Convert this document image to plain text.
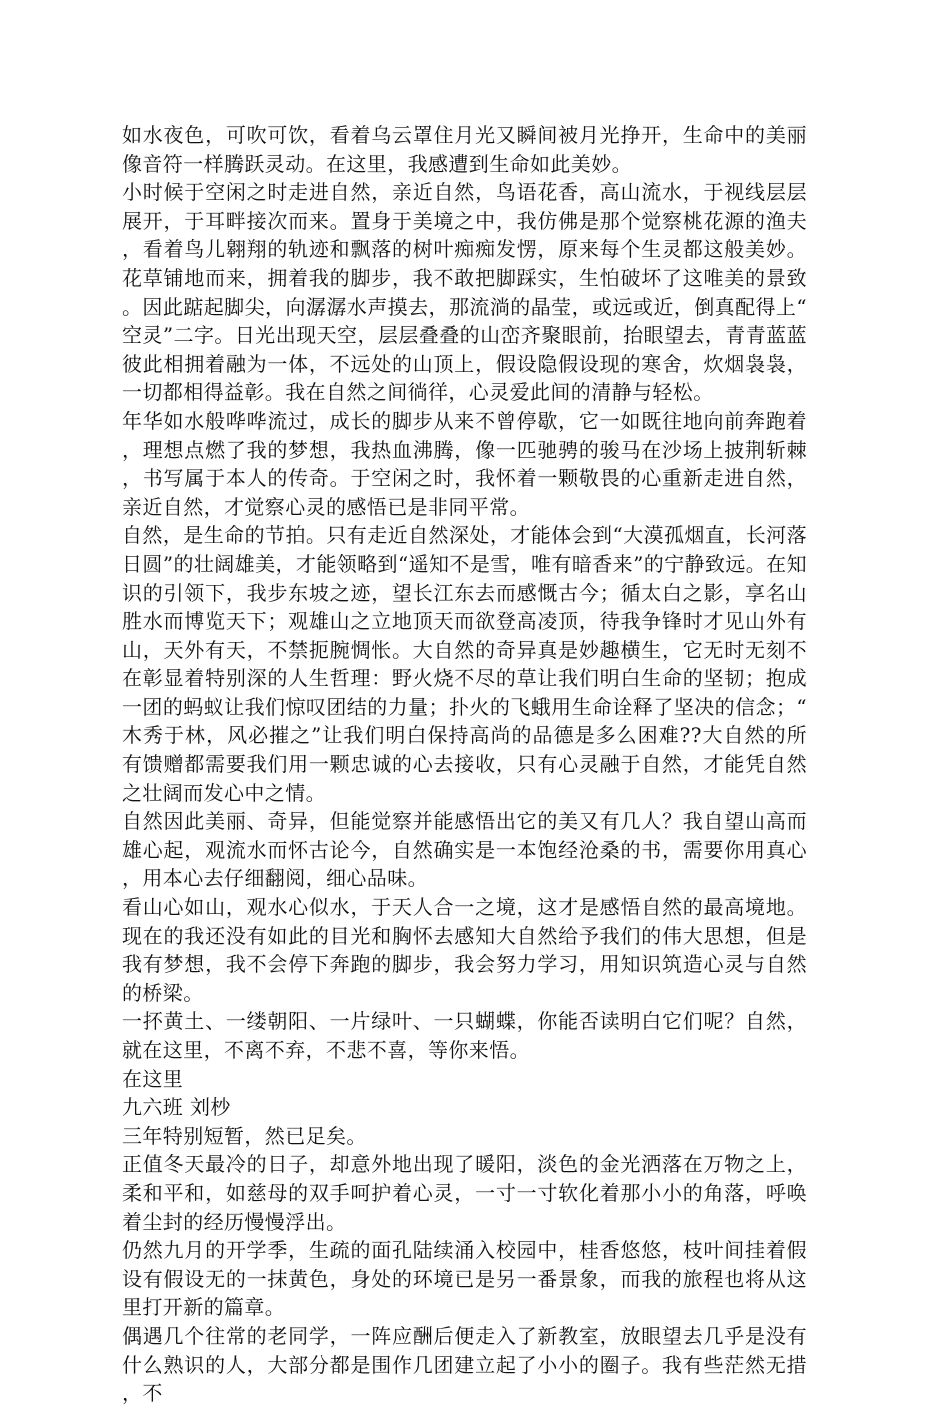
如水夜色，可吹可饮，看着乌云罩住月光又瞬间被月光挣开，生命中的美丽像音符一样腾跃灵动。在这里，我感遭到生命如此美妙。

小时候于空闲之时走进自然，亲近自然，鸟语花香，高山流水，于视线层层展开，于耳畔接次而来。置身于美境之中，我仿佛是那个觉察桃花源的渔夫，看着鸟儿翱翔的轨迹和飘落的树叶痴痴发愣，原来每个生灵都这般美妙。花草铺地而来，拥着我的脚步，我不敢把脚踩实，生怕破坏了这唯美的景致。因此踮起脚尖，向潺潺水声摸去，那流淌的晶莹，或远或近，倒真配得上“空灵”二字。日光出现天空，层层叠叠的山峦齐聚眼前，抬眼望去，青青蓝蓝彼此相拥着融为一体，不远处的山顶上，假设隐假设现的寒舍，炊烟袅袅，一切都相得益彰。我在自然之间徜徉，心灵爱此间的清静与轻松。

年华如水般哗哗流过，成长的脚步从来不曾停歇，它一如既往地向前奔跑着，理想点燃了我的梦想，我热血沸腾，像一匹驰骋的骏马在沙场上披荆斩棘，书写属于本人的传奇。于空闲之时，我怀着一颗敬畏的心重新走进自然，亲近自然，才觉察心灵的感悟已是非同平常。

自然，是生命的节拍。只有走近自然深处，才能体会到“大漠孤烟直，长河落日圆”的壮阔雄美，才能领略到“遥知不是雪，唯有暗香来”的宁静致远。在知识的引领下，我步东坡之迹，望长江东去而感慨古今；循太白之影，享名山胜水而博览天下；观雄山之立地顶天而欲登高凌顶，待我争锋时才见山外有山，天外有天，不禁扼腕惆怅。大自然的奇异真是妙趣横生，它无时无刻不在彰显着特别深的人生哲理：野火烧不尽的草让我们明白生命的坚韧；抱成一团的蚂蚁让我们惊叹团结的力量；扑火的飞蛾用生命诠释了坚决的信念；“木秀于林，风必摧之”让我们明白保持高尚的品德是多么困难??大自然的所有馈赠都需要我们用一颗忠诚的心去接收，只有心灵融于自然，才能凭自然之壮阔而发心中之情。

自然因此美丽、奇异，但能觉察并能感悟出它的美又有几人？我自望山高而雄心起，观流水而怀古论今，自然确实是一本饱经沧桑的书，需要你用真心，用本心去仔细翻阅，细心品味。

看山心如山，观水心似水，于天人合一之境，这才是感悟自然的最高境地。现在的我还没有如此的目光和胸怀去感知大自然给予我们的伟大思想，但是我有梦想，我不会停下奔跑的脚步，我会努力学习，用知识筑造心灵与自然的桥梁。

一抔黄土、一缕朝阳、一片绿叶、一只蝴蝶，你能否读明白它们呢？自然，就在这里，不离不弃，不悲不喜，等你来悟。

在这里

九六班 刘杪

三年特别短暂，然已足矣。

正值冬天最冷的日子，却意外地出现了暖阳，淡色的金光洒落在万物之上，柔和平和，如慈母的双手呵护着心灵，一寸一寸软化着那小小的角落，呼唤着尘封的经历慢慢浮出。

仍然九月的开学季，生疏的面孔陆续涌入校园中，桂香悠悠，枝叶间挂着假设有假设无的一抹黄色，身处的环境已是另一番景象，而我的旅程也将从这里打开新的篇章。

偶遇几个往常的老同学，一阵应酬后便走入了新教室，放眼望去几乎是没有什么熟识的人，大部分都是围作几团建立起了小小的圈子。我有些茫然无措，不
